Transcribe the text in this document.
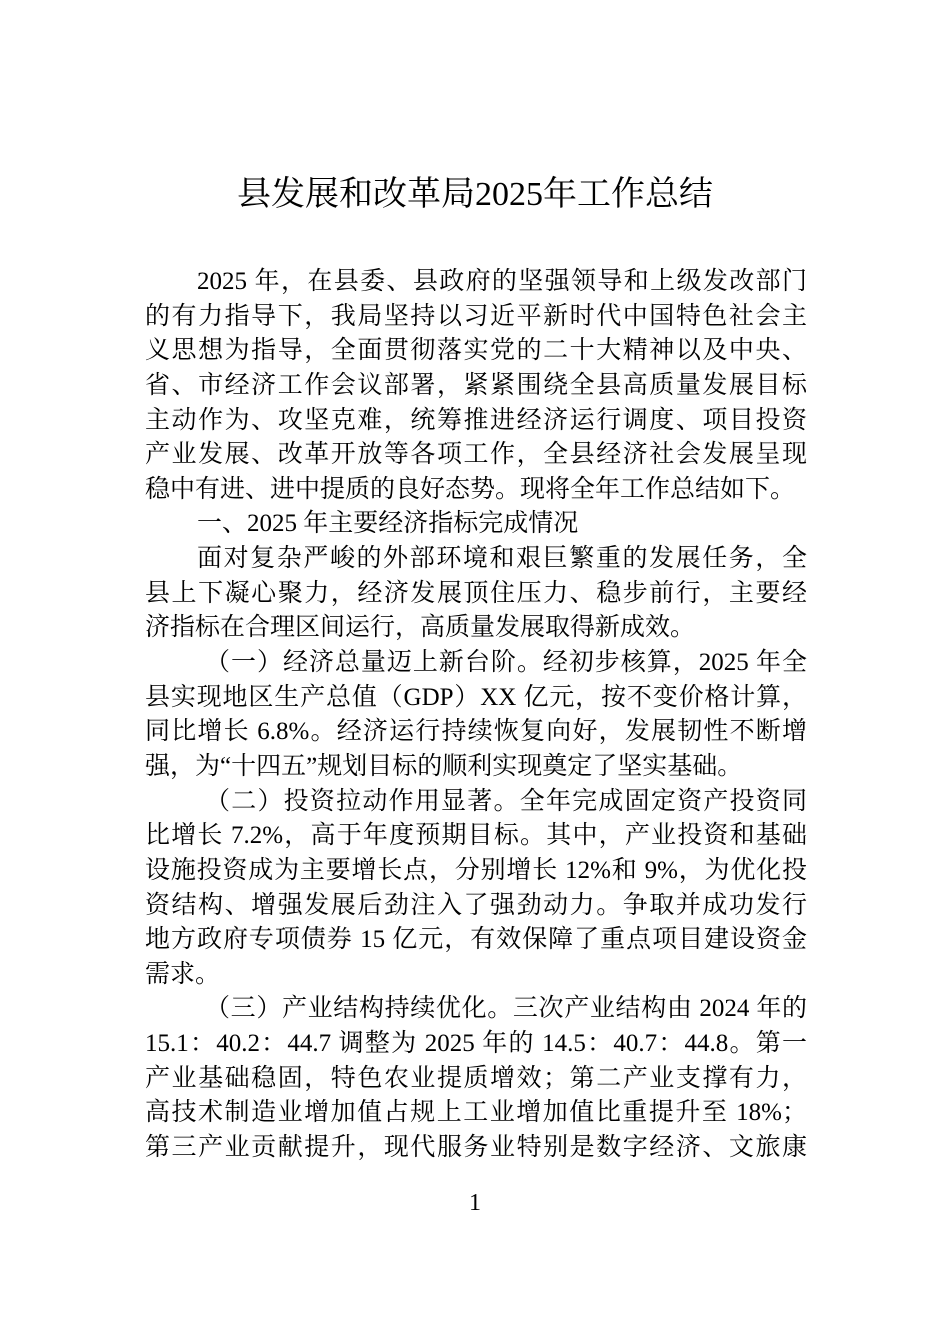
县发展和改革局2025年工作总结
2025 年，在县委、县政府的坚强领导和上级发改部门
的有力指导下，我局坚持以习近平新时代中国特色社会主
义思想为指导，全面贯彻落实党的二十大精神以及中央、
省、市经济工作会议部署，紧紧围绕全县高质量发展目标
主动作为、攻坚克难，统筹推进经济运行调度、项目投资
产业发展、改革开放等各项工作，全县经济社会发展呈现
稳中有进、进中提质的良好态势。现将全年工作总结如下。
一、2025 年主要经济指标完成情况
面对复杂严峻的外部环境和艰巨繁重的发展任务，全
县上下凝心聚力，经济发展顶住压力、稳步前行，主要经
济指标在合理区间运行，高质量发展取得新成效。
（一）经济总量迈上新台阶。经初步核算，2025 年全
县实现地区生产总值（GDP）XX 亿元，按不变价格计算，
同比增长 6.8%。经济运行持续恢复向好，发展韧性不断增
强，为“十四五”规划目标的顺利实现奠定了坚实基础。
（二）投资拉动作用显著。全年完成固定资产投资同
比增长 7.2%，高于年度预期目标。其中，产业投资和基础
设施投资成为主要增长点，分别增长 12%和 9%，为优化投
资结构、增强发展后劲注入了强劲动力。争取并成功发行
地方政府专项债券 15 亿元，有效保障了重点项目建设资金
需求。
（三）产业结构持续优化。三次产业结构由 2024 年的
15.1：40.2：44.7 调整为 2025 年的 14.5：40.7：44.8。第一
产业基础稳固，特色农业提质增效；第二产业支撑有力，
高技术制造业增加值占规上工业增加值比重提升至 18%；
第三产业贡献提升，现代服务业特别是数字经济、文旅康
1
